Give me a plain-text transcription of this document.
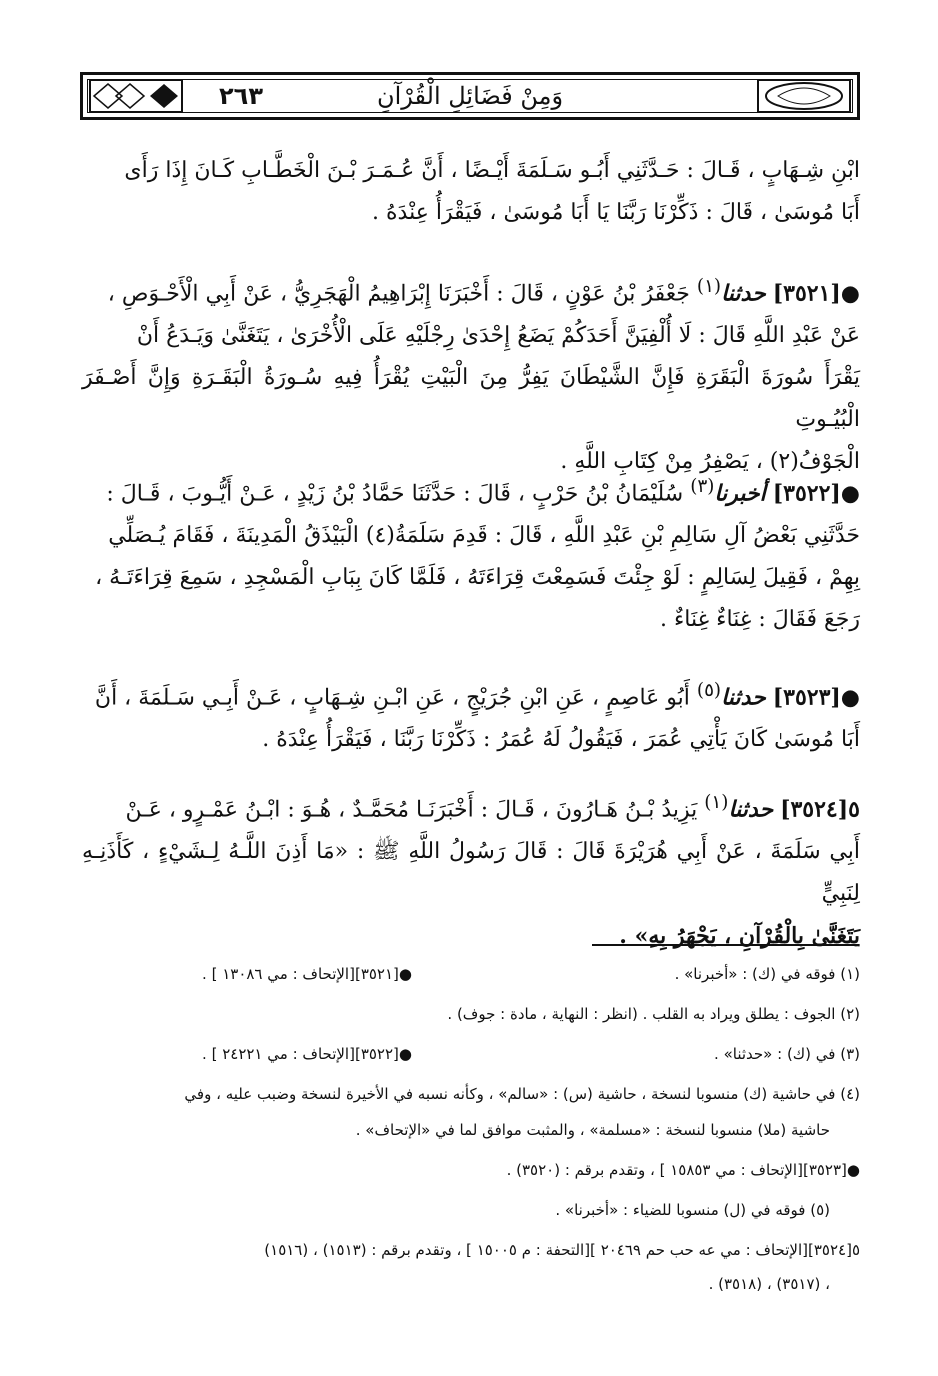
٢٦٣	وَمِنْ فَضَائِلِ الْقُرْآنِ
ابْنِ شِـهَابٍ ، قَـالَ : حَـدَّثَنِي أَبُـو سَـلَمَةَ أَيْـضًا ، أَنَّ عُـمَـرَ بْـنَ الْخَطَّـابِ كَـانَ إِذَا رَأَى
أَبَا مُوسَىٰ ، قَالَ : ذَكِّرْنَا رَبَّنَا يَا أَبَا مُوسَىٰ ، فَيَقْرَأُ عِنْدَهُ .
●[٣٥٢١] حدثنا$^{(١)}$ جَعْفَرُ بْنُ عَوْنٍ ، قَالَ : أَخْبَرَنَا إِبْرَاهِيمُ الْهَجَرِيُّ ، عَنْ أَبِي الْأَحْـوَصِ ،
عَنْ عَبْدِ اللَّهِ قَالَ : لَا أُلْفِيَنَّ أَحَدَكُمْ يَضَعُ إِحْدَىٰ رِجْلَيْهِ عَلَى الْأُخْرَىٰ ، يَتَغَنَّىٰ وَيَـدَعُ أَنْ
يَقْرَأَ سُورَةَ الْبَقَرَةِ فَإِنَّ الشَّيْطَانَ يَفِرُّ مِنَ الْبَيْتِ يُقْرَأُ فِيهِ سُـورَةُ الْبَقَـرَةِ وَإِنَّ أَصْـفَرَ الْبُيُـوتِ
الْجَوْفُ(٢) ، يَصْفِرُ مِنْ كِتَابِ اللَّهِ .
●[٣٥٢٢] أخبرنا$^{(٣)}$ سُلَيْمَانُ بْنُ حَرْبٍ ، قَالَ : حَدَّثَنَا حَمَّادُ بْنُ زَيْدٍ ، عَـنْ أَيُّـوبَ ، قَـالَ :
حَدَّثَنِي بَعْضُ آلِ سَالِمِ بْنِ عَبْدِ اللَّهِ ، قَالَ : قَدِمَ سَلَمَةُ(٤) الْبَيْذَقُ الْمَدِينَةَ ، فَقَامَ يُـصَلِّي
بِهِمْ ، فَقِيلَ لِسَالِمٍ : لَوْ جِئْتَ فَسَمِعْتَ قِرَاءَتَهُ ، فَلَمَّا كَانَ بِبَابِ الْمَسْجِدِ ، سَمِعَ قِرَاءَتَـهُ ،
رَجَعَ فَقَالَ : غِنَاءٌ غِنَاءٌ .
●[٣٥٢٣] حدثنا$^{(٥)}$ أَبُو عَاصِمٍ ، عَنِ ابْنِ جُرَيْجٍ ، عَنِ ابْـنِ شِـهَابٍ ، عَـنْ أَبِـي سَـلَمَةَ ، أَنَّ
أَبَا مُوسَىٰ كَانَ يَأْتِي عُمَرَ ، فَيَقُولُ لَهُ عُمَرُ : ذَكِّرْنَا رَبَّنَا ، فَيَقْرَأُ عِنْدَهُ .
٥[٣٥٢٤] حدثنا$^{(١)}$ يَزِيدُ بْـنُ هَـارُونَ ، قَـالَ : أَخْبَرَنَـا مُحَمَّـدٌ ، هُـوَ : ابْـنُ عَمْـرٍو ، عَـنْ
أَبِي سَلَمَةَ ، عَنْ أَبِي هُرَيْرَةَ قَالَ : قَالَ رَسُولُ اللَّهِ ﷺ : «مَا أَذِنَ اللَّـهُ لِـشَيْءٍ ، كَأَذَنِـهِ لِنَبِيٍّ
يَتَغَنَّىٰ بِالْقُرْآنِ ، يَجْهَرُ بِهِ» .
●[٣٥٢١][الإتحاف : مي ١٣٠٨٦ ] .	(١) فوقه في (ك) : «أخبرنا» .
(٢) الجوف : يطلق ويراد به القلب . (انظر : النهاية ، مادة : جوف) .
●[٣٥٢٢][الإتحاف : مي ٢٤٢٢١ ] .	(٣) في (ك) : «حدثنا» .
(٤) في حاشية (ك) منسوبا لنسخة ، حاشية (س) : «سالم» ، وكأنه نسبه في الأخيرة لنسخة وضبب عليه ، وفي
حاشية (ملا) منسوبا لنسخة : «مسلمة» ، والمثبت موافق لما في «الإتحاف» .
●[٣٥٢٣][الإتحاف : مي ١٥٨٥٣ ] ، وتقدم برقم : (٣٥٢٠) .
(٥) فوقه في (ل) منسوبا للضياء : «أخبرنا» .
٥[٣٥٢٤][الإتحاف : مي عه حب حم ٢٠٤٦٩ ][التحفة : م ١٥٠٠٥ ] ، وتقدم برقم : (١٥١٣) ، (١٥١٦)
، (٣٥١٧) ، (٣٥١٨) .
